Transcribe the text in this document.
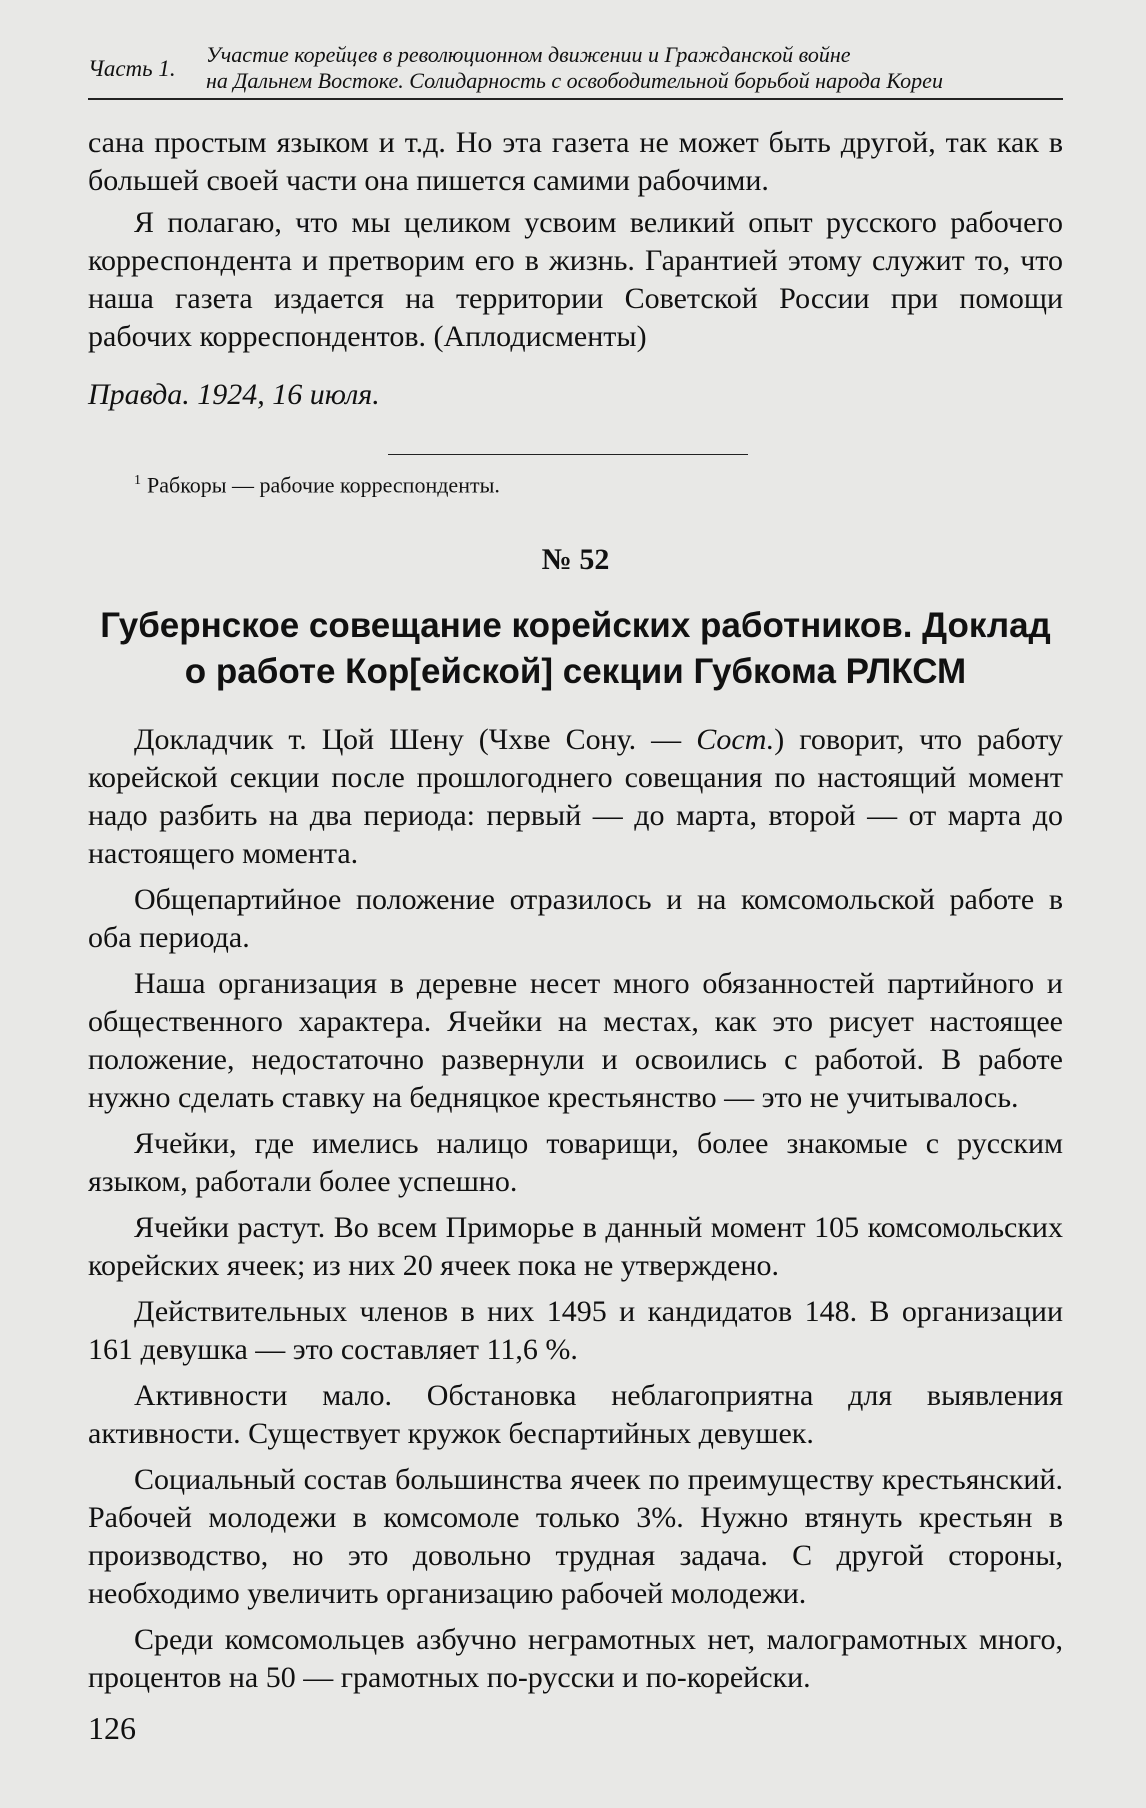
Часть 1.
Участие корейцев в революционном движении и Гражданской войне
на Дальнем Востоке. Солидарность с освободительной борьбой народа Кореи

сана простым языком и т.д. Но эта газета не может быть другой, так как в большей своей части она пишется самими рабочими.

Я полагаю, что мы целиком усвоим великий опыт русского рабочего корреспондента и претворим его в жизнь. Гарантией этому служит то, что наша газета издается на территории Советской России при помощи рабочих корреспондентов. (Аплодисменты)

Правда. 1924, 16 июля.

$^1$ Рабкоры — рабочие корреспонденты.
№ 52
Губернское совещание корейских работников. Доклад
о работе Кор[ейской] секции Губкома РЛКСМ

Докладчик т. Цой Шену (Чхве Сону. — Сост.) говорит, что работу корейской секции после прошлогоднего совещания по настоящий момент надо разбить на два периода: первый — до марта, второй — от марта до настоящего момента.

Общепартийное положение отразилось и на комсомольской работе в оба периода.

Наша организация в деревне несет много обязанностей партийного и общественного характера. Ячейки на местах, как это рисует настоящее положение, недостаточно развернули и освоились с работой. В работе нужно сделать ставку на бедняцкое крестьянство — это не учитывалось.

Ячейки, где имелись налицо товарищи, более знакомые с русским языком, работали более успешно.

Ячейки растут. Во всем Приморье в данный момент 105 комсомольских корейских ячеек; из них 20 ячеек пока не утверждено.

Действительных членов в них 1495 и кандидатов 148. В организации 161 девушка — это составляет 11,6 %.

Активности мало. Обстановка неблагоприятна для выявления активности. Существует кружок беспартийных девушек.

Социальный состав большинства ячеек по преимуществу крестьянский. Рабочей молодежи в комсомоле только 3%. Нужно втянуть крестьян в производство, но это довольно трудная задача. С другой стороны, необходимо увеличить организацию рабочей молодежи.

Среди комсомольцев азбучно неграмотных нет, малограмотных много, процентов на 50 — грамотных по-русски и по-корейски.

126
